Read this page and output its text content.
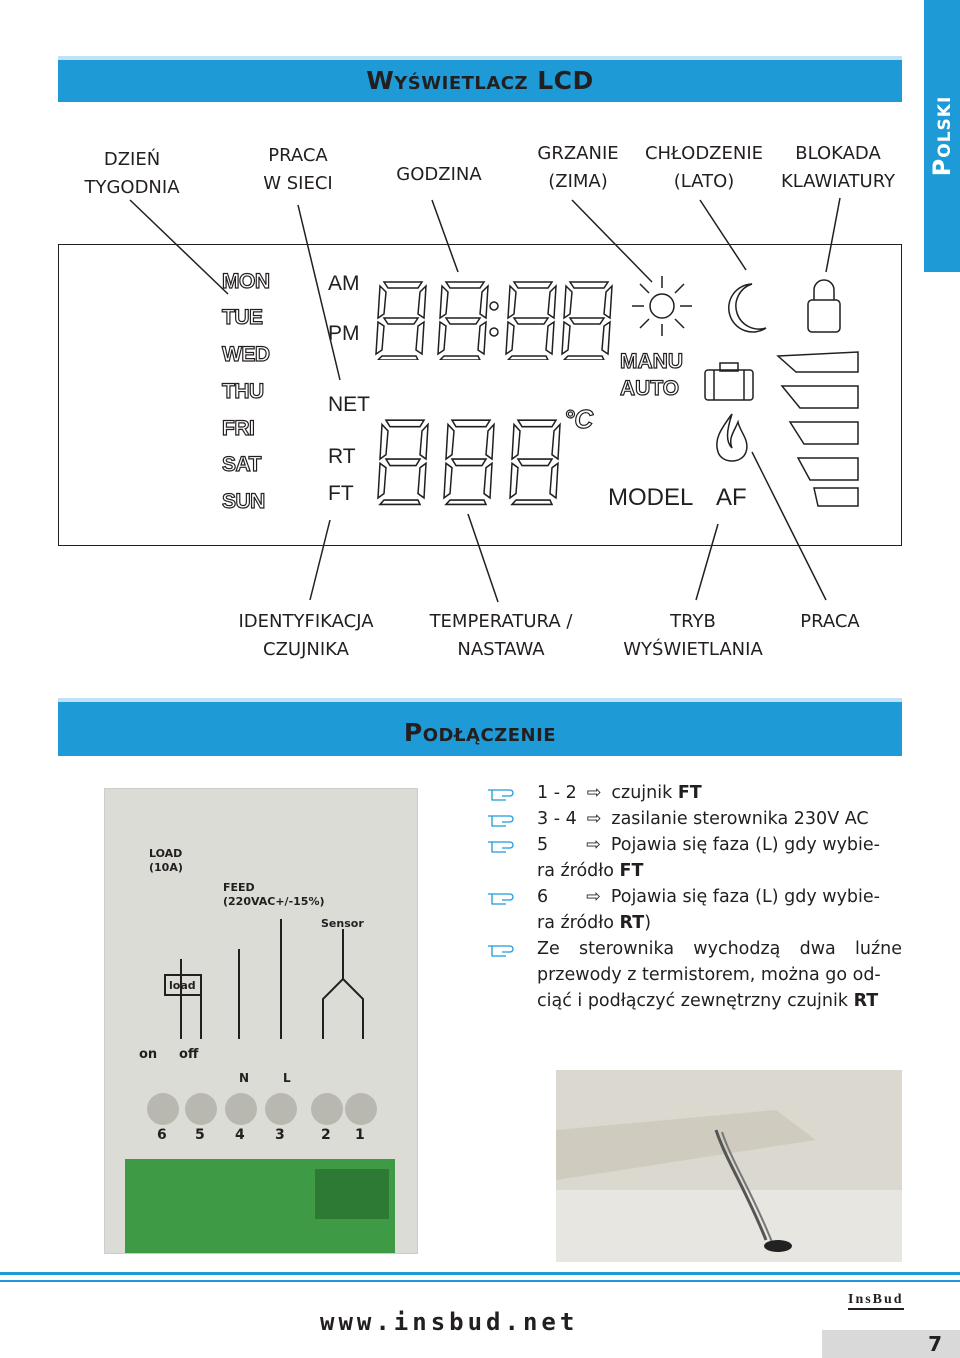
Polski
Wyświetlacz LCD
DZIEŃ
TYGODNIA
PRACA
W SIECI	GODZINA
GRZANIE
(ZIMA)
CHŁODZENIE
(LATO)
BLOKADA
KLAWIATURY
MON
TUE
WED
THU
FRI
SAT
SUN
AM
PM
NET
RT
FT
°C
MANU
AUTO
MODEL AF
IDENTYFIKACJA
CZUJNIKA
TEMPERATURA /
NASTAWA
TRYB
WYŚWIETLANIA
PRACA
Podłączenie
LOAD
(10A)
FEED
(220VAC+/-15%)
Sensor
load
on off
N	L
6 5 4 3	2 1
1 - 2 ⇨ czujnik FT
3 - 4 ⇨ zasilanie sterownika 230V AC
5 ⇨ Pojawia się faza (L) gdy wybie-
ra źródło FT
6 ⇨ Pojawia się faza (L) gdy wybie-
ra źródło RT)
Ze sterownika wychodzą dwa luźne przewody z termistorem, można go od-
ciąć i podłączyć zewnętrzny czujnik RT
www.insbud.net
InsBud
7
